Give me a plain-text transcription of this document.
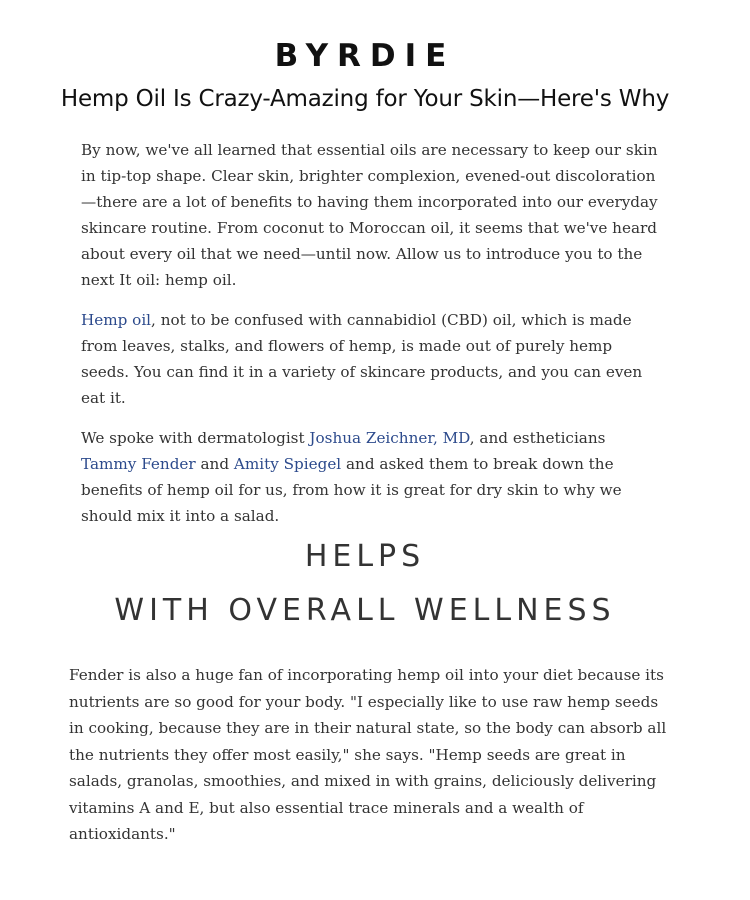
BYRDIE
Hemp Oil Is Crazy-Amazing for Your Skin—Here's Why

By now, we've all learned that essential oils are necessary to keep our skin in tip-top shape. Clear skin, brighter complexion, evened-out discoloration—there are a lot of benefits to having them incorporated into our everyday skincare routine. From coconut to Moroccan oil, it seems that we've heard about every oil that we need—until now. Allow us to introduce you to the next It oil: hemp oil.

Hemp oil, not to be confused with cannabidiol (CBD) oil, which is made from leaves, stalks, and flowers of hemp, is made out of purely hemp seeds. You can find it in a variety of skincare products, and you can even eat it.

We spoke with dermatologist Joshua Zeichner, MD, and estheticians Tammy Fender and Amity Spiegel and asked them to break down the benefits of hemp oil for us, from how it is great for dry skin to why we should mix it into a salad.

HELPS
WITH OVERALL WELLNESS

Fender is also a huge fan of incorporating hemp oil into your diet because its nutrients are so good for your body. "I especially like to use raw hemp seeds in cooking, because they are in their natural state, so the body can absorb all the nutrients they offer most easily," she says. "Hemp seeds are great in salads, granolas, smoothies, and mixed in with grains, deliciously delivering vitamins A and E, but also essential trace minerals and a wealth of antioxidants."
